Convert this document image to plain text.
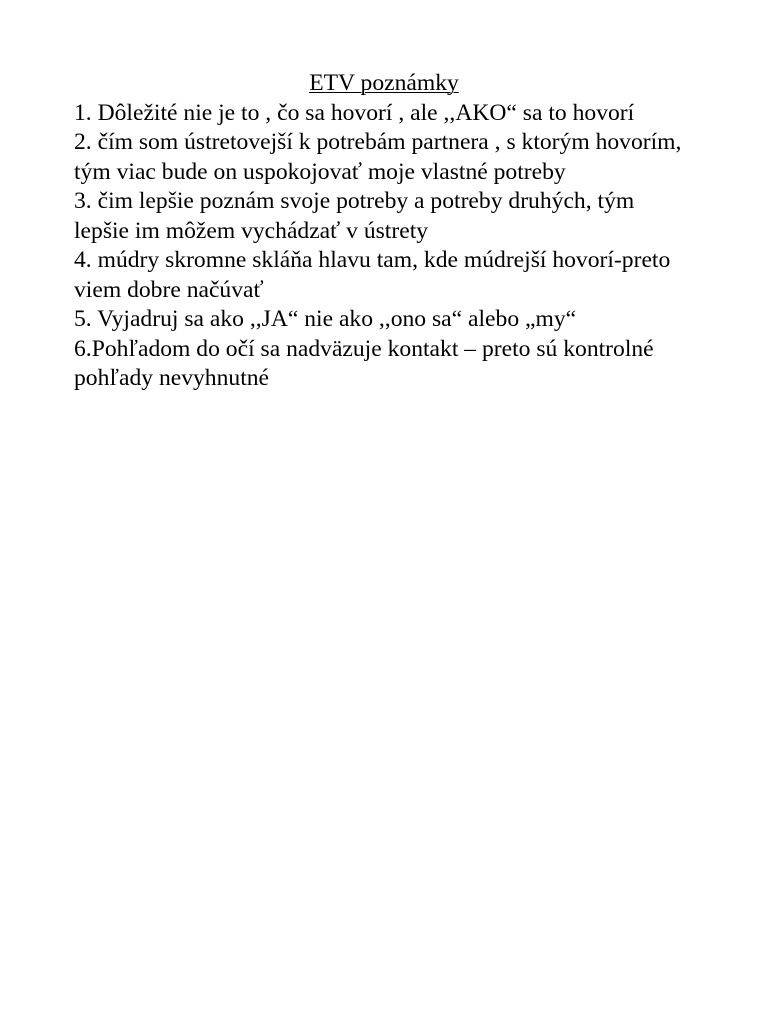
ETV poznámky

1. Dôležité nie je to , čo sa hovorí , ale ,,AKO“ sa to hovorí

2. čím som ústretovejší k potrebám partnera , s ktorým hovorím, tým viac bude on uspokojovať moje vlastné potreby

3. čim lepšie poznám svoje potreby a potreby druhých, tým lepšie im môžem vychádzať v ústrety

4. múdry skromne skláňa hlavu tam, kde múdrejší hovorí-preto viem dobre načúvať

5. Vyjadruj sa ako ,,JA“ nie ako ,,ono sa“ alebo „my“

6.Pohľadom do očí sa nadväzuje kontakt – preto sú kontrolné pohľady nevyhnutné
